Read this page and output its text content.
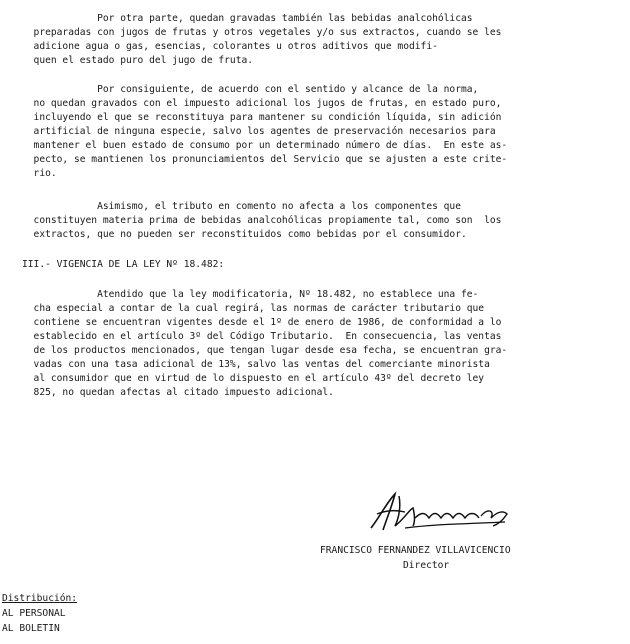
Por otra parte, quedan gravadas también las bebidas analcohólicas
preparadas con jugos de frutas y otros vegetales y/o sus extractos, cuando se les
adicione agua o gas, esencias, colorantes u otros aditivos que modifi-
quen el estado puro del jugo de fruta.
Por consiguiente, de acuerdo con el sentido y alcance de la norma,
no quedan gravados con el impuesto adicional los jugos de frutas, en estado puro,
incluyendo el que se reconstituya para mantener su condición líquida, sin adición
artificial de ninguna especie, salvo los agentes de preservación necesarios para
mantener el buen estado de consumo por un determinado número de días.  En este as-
pecto, se mantienen los pronunciamientos del Servicio que se ajusten a este crite-
rio.
Asimismo, el tributo en comento no afecta a los componentes que
constituyen materia prima de bebidas analcohólicas propiamente tal, como son  los
extractos, que no pueden ser reconstituidos como bebidas por el consumidor.
III.- VIGENCIA DE LA LEY Nº 18.482:
Atendido que la ley modificatoria, Nº 18.482, no establece una fe-
cha especial a contar de la cual regirá, las normas de carácter tributario que
contiene se encuentran vigentes desde el 1º de enero de 1986, de conformidad a lo
establecido en el artículo 3º del Código Tributario.  En consecuencia, las ventas
de los productos mencionados, que tengan lugar desde esa fecha, se encuentran gra-
vadas con una tasa adicional de 13%, salvo las ventas del comerciante minorista
al consumidor que en virtud de lo dispuesto en el artículo 43º del decreto ley
825, no quedan afectas al citado impuesto adicional.
FRANCISCO FERNANDEZ VILLAVICENCIO
Director
Distribución:
AL PERSONAL
AL BOLETIN
